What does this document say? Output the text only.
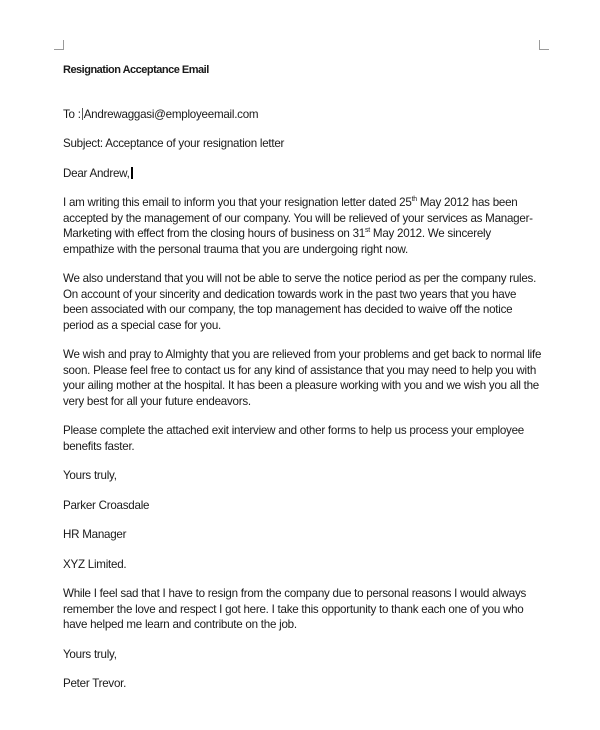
Resignation Acceptance Email

To : Andrewaggasi@employeemail.com

Subject: Acceptance of your resignation letter

Dear Andrew,

I am writing this email to inform you that your resignation letter dated 25th May 2012 has been accepted by the management of our company. You will be relieved of your services as Manager-Marketing with effect from the closing hours of business on 31st May 2012. We sincerely empathize with the personal trauma that you are undergoing right now.

We also understand that you will not be able to serve the notice period as per the company rules. On account of your sincerity and dedication towards work in the past two years that you have been associated with our company, the top management has decided to waive off the notice period as a special case for you.

We wish and pray to Almighty that you are relieved from your problems and get back to normal life soon. Please feel free to contact us for any kind of assistance that you may need to help you with your ailing mother at the hospital. It has been a pleasure working with you and we wish you all the very best for all your future endeavors.

Please complete the attached exit interview and other forms to help us process your employee benefits faster.

Yours truly,

Parker Croasdale

HR Manager

XYZ Limited.

While I feel sad that I have to resign from the company due to personal reasons I would always remember the love and respect I got here. I take this opportunity to thank each one of you who have helped me learn and contribute on the job.

Yours truly,

Peter Trevor.
